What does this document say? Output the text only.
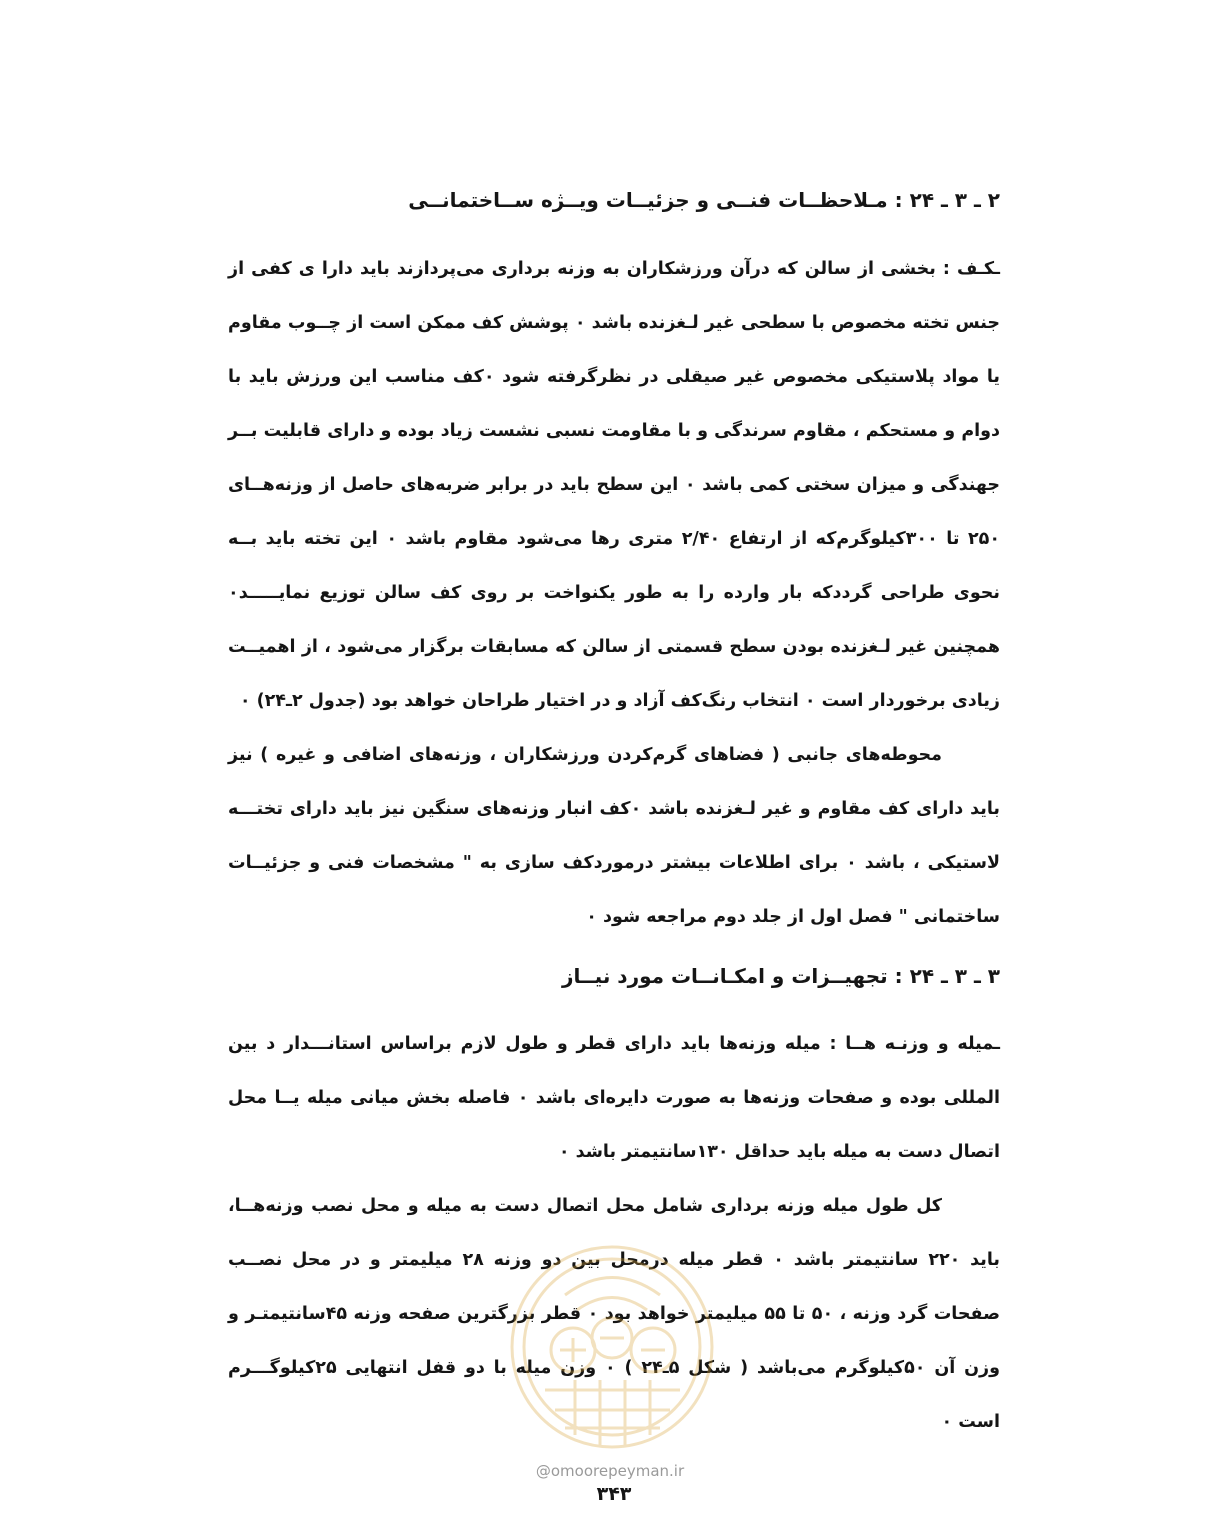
۲ ـ ۳ ـ ۲۴ : مـلاحظــات فنــی و جزئیــات ویــژه ســاختمانــی

ـکـف : بخشی از سالن که درآن ورزشکاران به وزنه برداری می‌پردازند باید دارا ی کفی از جنس تخته مخصوص با سطحی غیر لـغزنده باشد ۰ پوشش کف ممکن است از چــوب مقاوم یا مواد پلاستیکی مخصوص غیر صیقلی در نظرگرفته شود ۰کف مناسب این ورزش باید با دوام و مستحکم ، مقاوم سرندگی و با مقاومت نسبی نشست زیاد بوده و دارای قابلیت بــر جهندگی و میزان سختی کمی باشد ۰ این سطح باید در برابر ضربه‌های حاصل از وزنه‌هــای ۲۵۰ تا ۳۰۰کیلوگرم‌که از ارتفاع ۲/۴۰ متری رها می‌شود مقاوم باشد ۰ این تخته باید بــه نحوی طراحی گردد‌که بار وارده را به طور یکنواخت بر روی کف سالن توزیع نمایـــــد۰ همچنین غیر لـغزنده بودن سطح قسمتی از سالن که مسابقات برگزار می‌شود ، از اهمیــت زیادی برخوردار است ۰ انتخاب رنگ‌کف آزاد و در اختیار طراحان خواهد بود (جدول ۲ـ۲۴) ۰

محوطه‌های جانبی ( فضاهای گرم‌کردن ورزشکاران ، وزنه‌های اضافی و غیره ) نیز باید دارای کف مقاوم و غیر لـغزنده باشد ۰کف انبار وزنه‌های سنگین نیز باید دارای تختـــه لاستیکی ، باشد ۰ برای اطلاعات بیشتر درمورد‌کف سازی به " مشخصات فنی و جزئیــات ساختمانی " فصل اول از جلد دوم مراجعه شود ۰

۳ ـ ۳ ـ ۲۴ : تجهیــزات و امکـانــات مورد نیــاز

ـمیله و وزنـه هــا : میله وزنه‌ها باید دارای قطر و طول لازم براساس استانـــدار د بین المللی بوده و صفحات وزنه‌ها به صورت دایره‌ای باشد ۰ فاصله بخش میانی میله یــا محل اتصال دست به میله باید حداقل ۱۳۰سانتیمتر باشد ۰

کل طول میله وزنه برداری شامل محل اتصال دست به میله و محل نصب وزنه‌هــا، باید ۲۲۰ سانتیمتر باشد ۰ قطر میله درمحل بین دو وزنه ۲۸ میلیمتر و در محل نصــب صفحات گرد وزنه ، ۵۰ تا ۵۵ میلیمتر خواهد بود ۰ قطر بزرگترین صفحه وزنه ۴۵سانتیمتـر و وزن آن ۵۰کیلوگرم می‌باشد ( شکل ۵ـ۲۴ ) ۰ وزن میله با دو قفل انتهایی ۲۵کیلوگـــرم است ۰

@omoorepeyman.ir
۳۴۳
